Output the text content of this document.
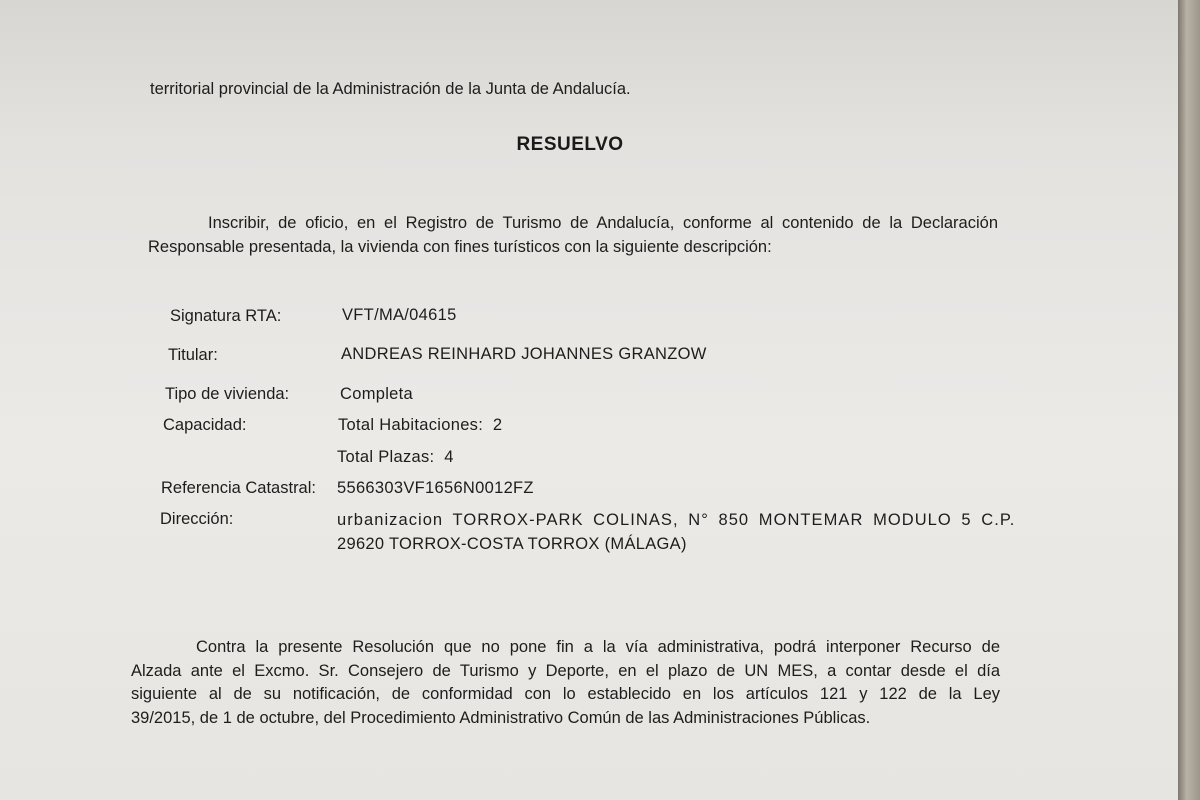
territorial provincial de la Administración de la Junta de Andalucía.
RESUELVO
Inscribir, de oficio, en el Registro de Turismo de Andalucía, conforme al contenido de la Declaración
Responsable presentada, la vivienda con fines turísticos con la siguiente descripción:
Signatura RTA:	VFT/MA/04615
Titular:	ANDREAS REINHARD JOHANNES GRANZOW
Tipo de vivienda:	Completa
Capacidad:	Total Habitaciones:  2
Total Plazas:  4
Referencia Catastral: 5566303VF1656N0012FZ
Dirección:	urbanizacion TORROX-PARK COLINAS, N° 850 MONTEMAR MODULO 5 C.P.
29620 TORROX-COSTA TORROX (MÁLAGA)
Contra la presente Resolución que no pone fin a la vía administrativa, podrá interponer Recurso de
Alzada ante el Excmo. Sr. Consejero de Turismo y Deporte, en el plazo de UN MES, a contar desde el día
siguiente al de su notificación, de conformidad con lo establecido en los artículos 121 y 122 de la Ley
39/2015, de 1 de octubre, del Procedimiento Administrativo Común de las Administraciones Públicas.
